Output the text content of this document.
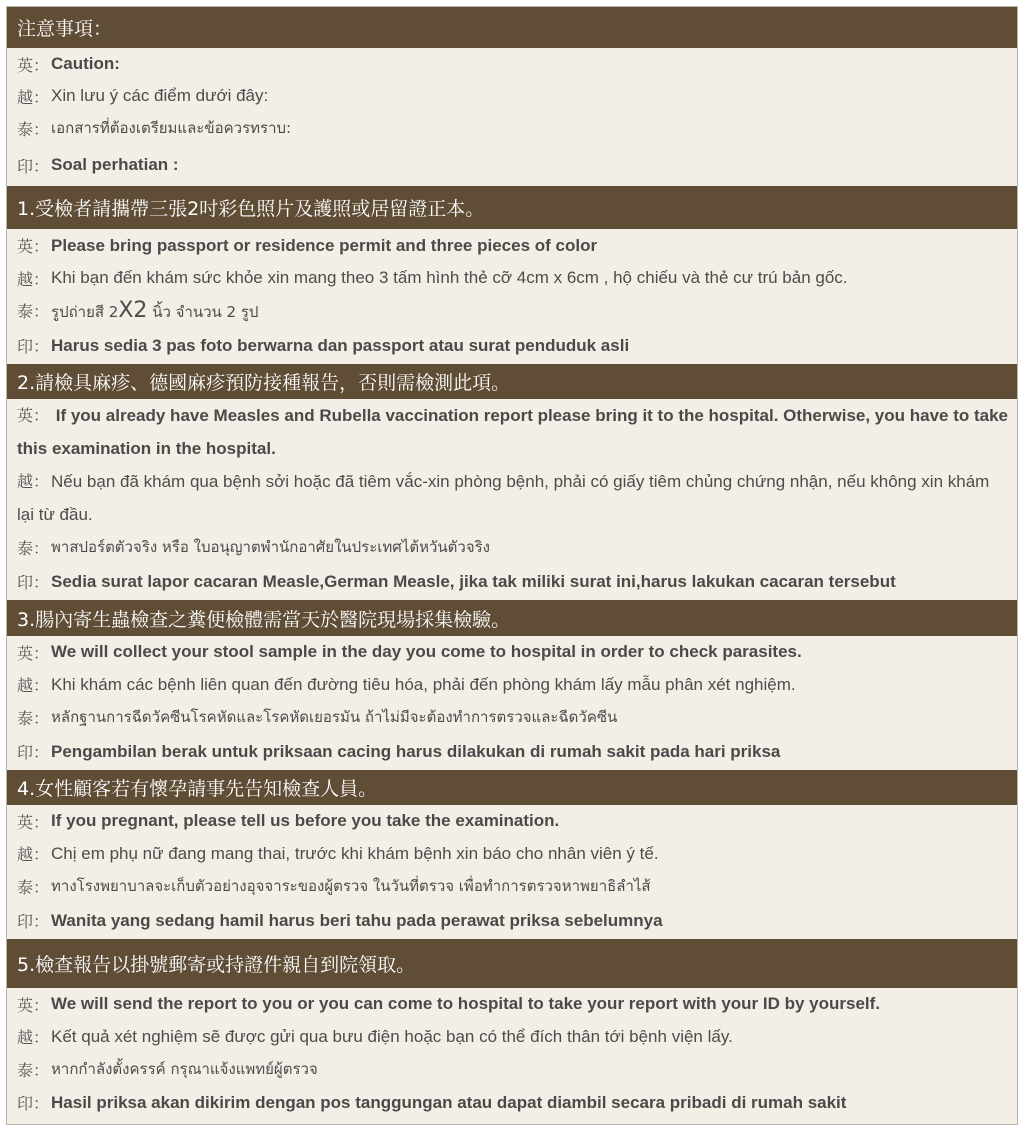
注意事項：
英： Caution:
越： Xin lưu ý các điểm dưới đây:
泰： เอกสารที่ต้องเตรียมและข้อควรทราบ:
印： Soal perhatian :
1.受檢者請攜帶三張2吋彩色照片及護照或居留證正本。
英： Please bring passport or residence permit and three pieces of color
越： Khi bạn đến khám sức khỏe xin mang theo 3 tấm hình thẻ cỡ 4cm x 6cm , hộ chiếu và thẻ cư trú bản gốc.
泰： รูปถ่ายสี 2X2 นิ้ว จำนวน 2 รูป
印： Harus sedia 3 pas foto berwarna dan passport atau surat penduduk asli
2.請檢具麻疹、德國麻疹預防接種報告，否則需檢測此項。
英： If you already have Measles and Rubella vaccination report please bring it to the hospital. Otherwise, you have to take this examination in the hospital.
越： Nếu bạn đã khám qua bệnh sởi hoặc đã tiêm vắc-xin phòng bệnh, phải có giấy tiêm chủng chứng nhận, nếu không xin khám lại từ đầu.
泰： พาสปอร์ตตัวจริง หรือ ใบอนุญาตพำนักอาศัยในประเทศไต้หวันตัวจริง
印： Sedia surat lapor cacaran Measle,German Measle, jika tak miliki surat ini,harus lakukan cacaran tersebut
3.腸內寄生蟲檢查之糞便檢體需當天於醫院現場採集檢驗。
英： We will collect your stool sample in the day you come to hospital in order to check parasites.
越： Khi khám các bệnh liên quan đến đường tiêu hóa, phải đến phòng khám lấy mẫu phân xét nghiệm.
泰： หลักฐานการฉีดวัคซีนโรคหัดและโรคหัดเยอรมัน ถ้าไม่มีจะต้องทำการตรวจและฉีดวัคซีน
印： Pengambilan berak untuk priksaan cacing harus dilakukan di rumah sakit pada hari priksa
4.女性顧客若有懷孕請事先告知檢查人員。
英： If you pregnant, please tell us before you take the examination.
越： Chị em phụ nữ đang mang thai, trước khi khám bệnh xin báo cho nhân viên ý tế.
泰： ทางโรงพยาบาลจะเก็บตัวอย่างอุจจาระของผู้ตรวจ ในวันที่ตรวจ เพื่อทำการตรวจหาพยาธิลำไส้
印： Wanita yang sedang hamil harus beri tahu pada perawat priksa sebelumnya
5.檢查報告以掛號郵寄或持證件親自到院領取。
英： We will send the report to you or you can come to hospital to take your report with your ID by yourself.
越： Kết quả xét nghiệm sẽ được gửi qua bưu điện hoặc bạn có thể đích thân tới bệnh viện lấy.
泰： หากกำลังตั้งครรค์ กรุณาแจ้งแพทย์ผู้ตรวจ
印： Hasil priksa akan dikirim dengan pos tanggungan atau dapat diambil secara pribadi di rumah sakit
